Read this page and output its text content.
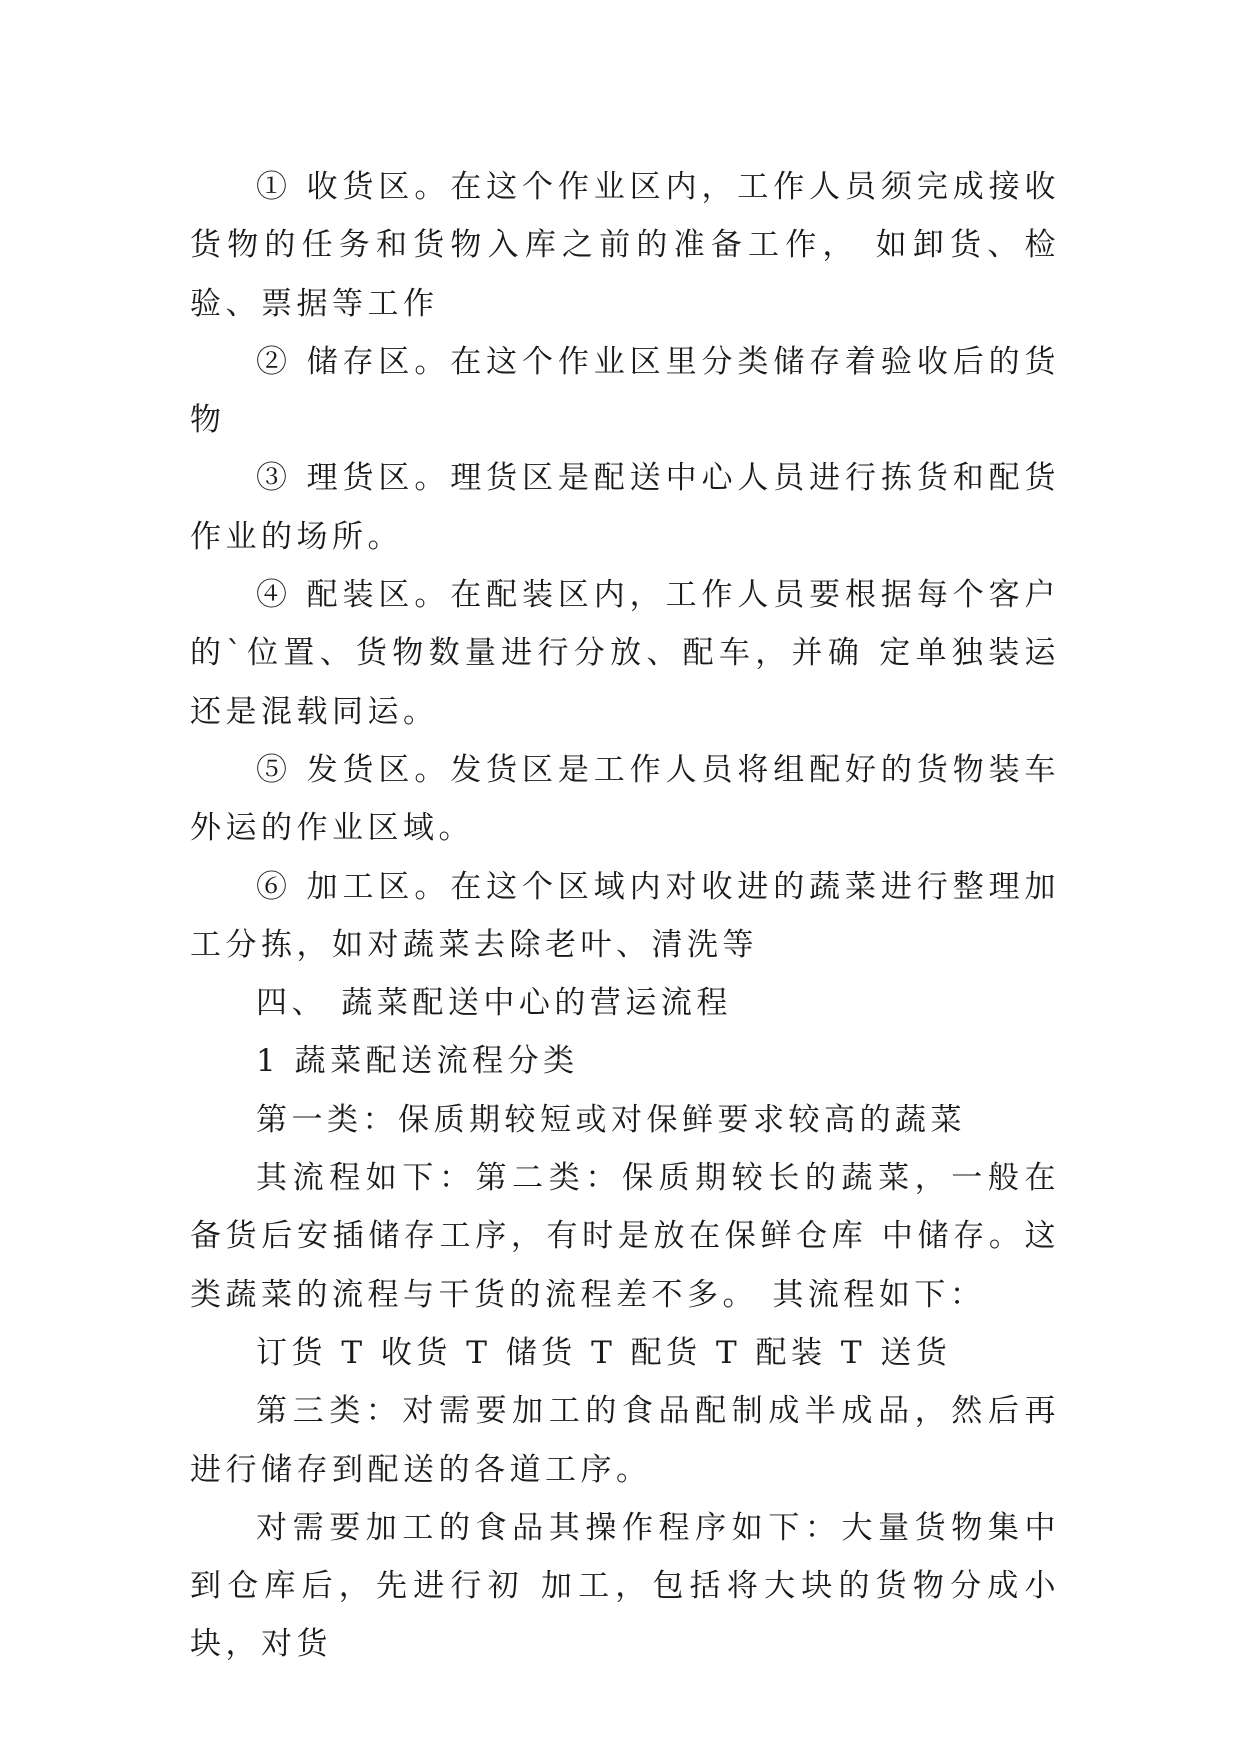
① 收货区。在这个作业区内，工作人员须完成接收货物的任务和货物入库之前的准备工作， 如卸货、检验、票据等工作

② 储存区。在这个作业区里分类储存着验收后的货物

③ 理货区。理货区是配送中心人员进行拣货和配货作业的场所。

④ 配装区。在配装区内，工作人员要根据每个客户的`位置、货物数量进行分放、配车，并确 定单独装运还是混载同运。

⑤ 发货区。发货区是工作人员将组配好的货物装车外运的作业区域。

⑥ 加工区。在这个区域内对收进的蔬菜进行整理加工分拣，如对蔬菜去除老叶、清洗等

四、 蔬菜配送中心的营运流程

1 蔬菜配送流程分类

第一类：保质期较短或对保鲜要求较高的蔬菜

其流程如下：第二类：保质期较长的蔬菜，一般在备货后安插储存工序，有时是放在保鲜仓库 中储存。这类蔬菜的流程与干货的流程差不多。 其流程如下：

订货 T 收货 T 储货 T 配货 T 配装 T 送货

第三类：对需要加工的食品配制成半成品，然后再进行储存到配送的各道工序。

对需要加工的食品其操作程序如下：大量货物集中到仓库后，先进行初 加工，包括将大块的货物分成小块，对货
